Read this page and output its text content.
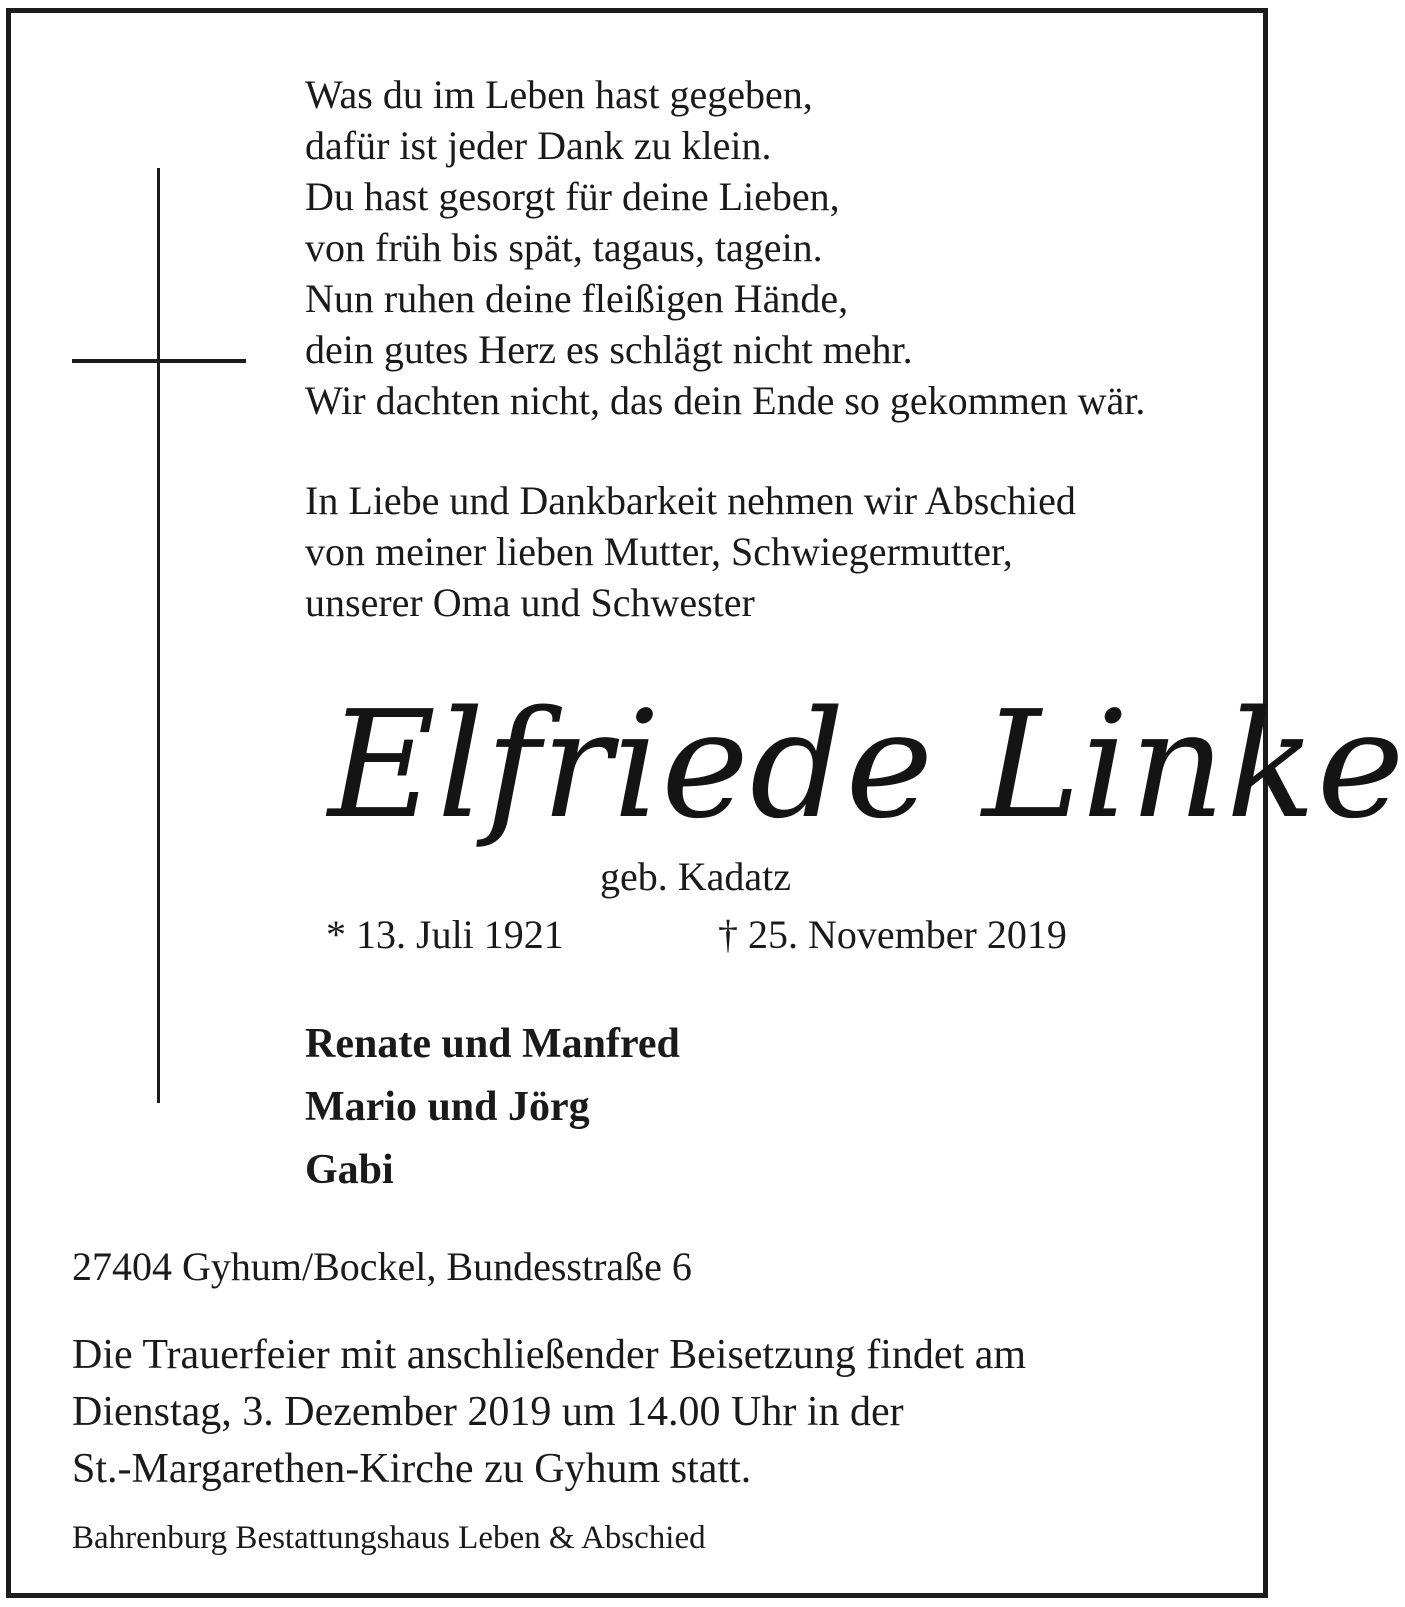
Was du im Leben hast gegeben,
dafür ist jeder Dank zu klein.
Du hast gesorgt für deine Lieben,
von früh bis spät, tagaus, tagein.
Nun ruhen deine fleißigen Hände,
dein gutes Herz es schlägt nicht mehr.
Wir dachten nicht, das dein Ende so gekommen wär.

In Liebe und Dankbarkeit nehmen wir Abschied
von meiner lieben Mutter, Schwiegermutter,
unserer Oma und Schwester

Elfriede Linke
geb. Kadatz
* 13. Juli 1921	† 25. November 2019

Renate und Manfred
Mario und Jörg
Gabi

27404 Gyhum/Bockel, Bundesstraße 6

Die Trauerfeier mit anschließender Beisetzung findet am
Dienstag, 3. Dezember 2019 um 14.00 Uhr in der
St.-Margarethen-Kirche zu Gyhum statt.

Bahrenburg Bestattungshaus Leben & Abschied
